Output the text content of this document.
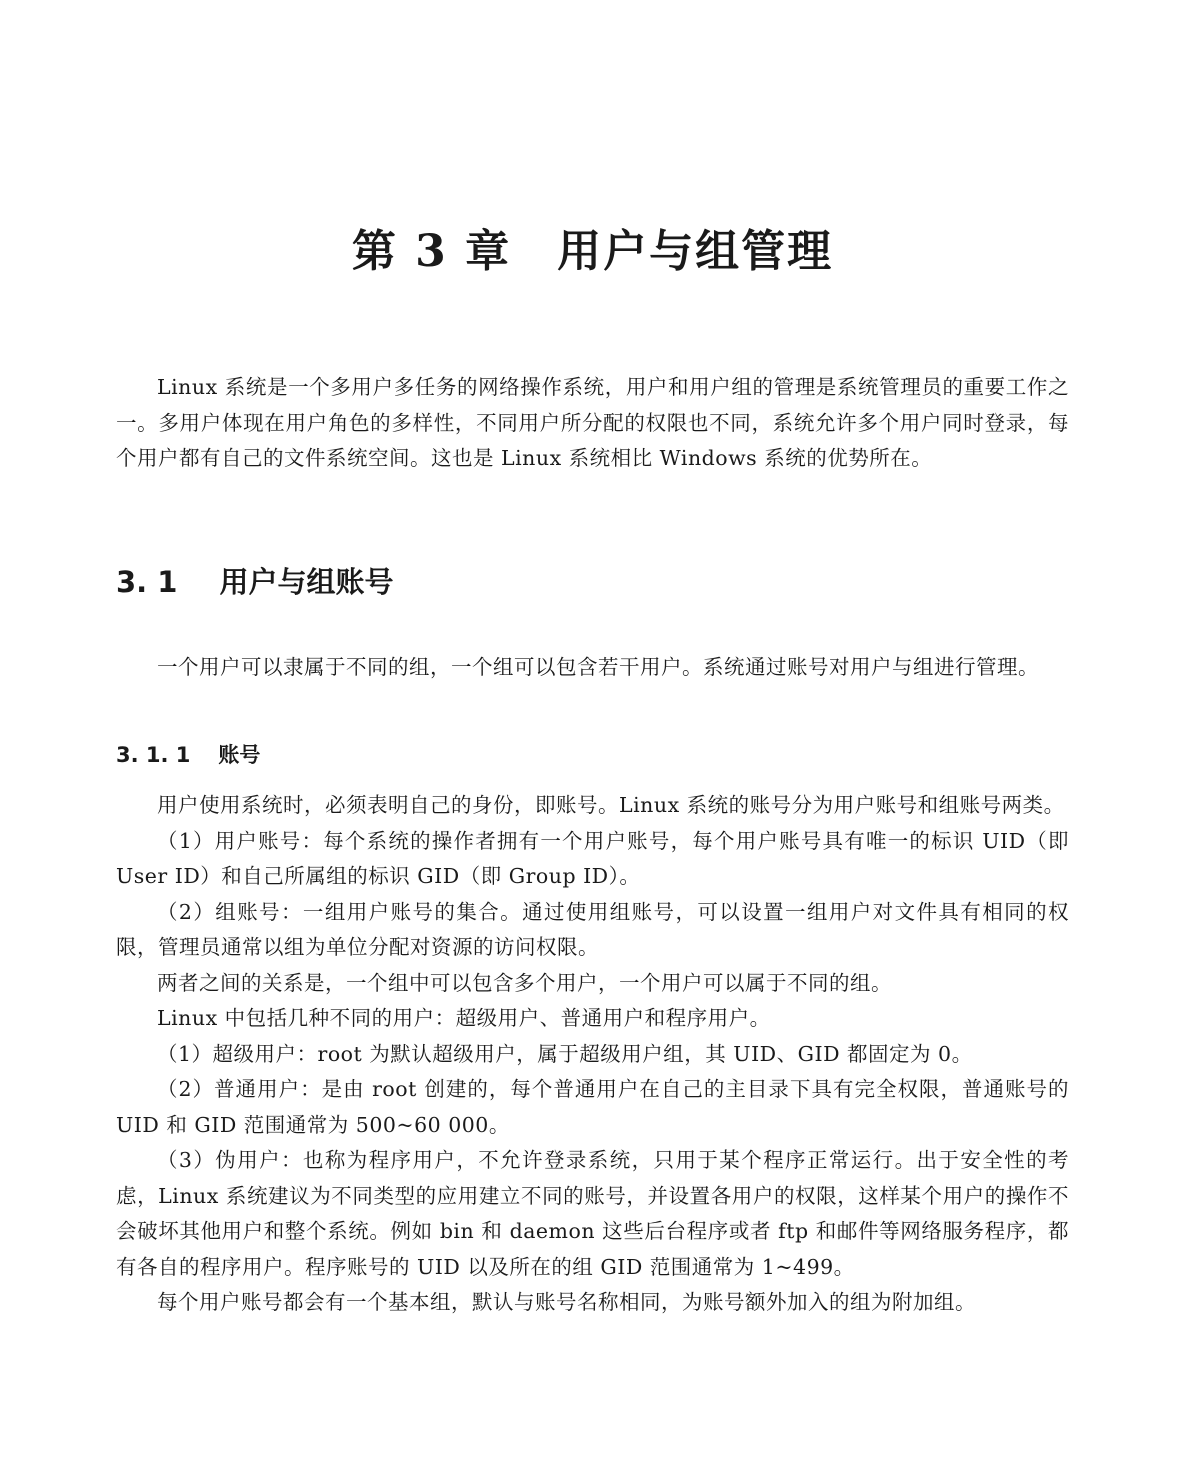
第 3 章 用户与组管理

Linux 系统是一个多用户多任务的网络操作系统，用户和用户组的管理是系统管理员的重要工作之一。多用户体现在用户角色的多样性，不同用户所分配的权限也不同，系统允许多个用户同时登录，每个用户都有自己的文件系统空间。这也是 Linux 系统相比 Windows 系统的优势所在。

3. 1 用户与组账号

一个用户可以隶属于不同的组，一个组可以包含若干用户。系统通过账号对用户与组进行管理。

3. 1. 1 账号

用户使用系统时，必须表明自己的身份，即账号。Linux 系统的账号分为用户账号和组账号两类。

（1）用户账号：每个系统的操作者拥有一个用户账号，每个用户账号具有唯一的标识 UID（即 User ID）和自己所属组的标识 GID（即 Group ID）。

（2）组账号：一组用户账号的集合。通过使用组账号，可以设置一组用户对文件具有相同的权限，管理员通常以组为单位分配对资源的访问权限。

两者之间的关系是，一个组中可以包含多个用户，一个用户可以属于不同的组。

Linux 中包括几种不同的用户：超级用户、普通用户和程序用户。

（1）超级用户：root 为默认超级用户，属于超级用户组，其 UID、GID 都固定为 0。

（2）普通用户：是由 root 创建的，每个普通用户在自己的主目录下具有完全权限，普通账号的 UID 和 GID 范围通常为 500~60 000。

（3）伪用户：也称为程序用户，不允许登录系统，只用于某个程序正常运行。出于安全性的考虑，Linux 系统建议为不同类型的应用建立不同的账号，并设置各用户的权限，这样某个用户的操作不会破坏其他用户和整个系统。例如 bin 和 daemon 这些后台程序或者 ftp 和邮件等网络服务程序，都有各自的程序用户。程序账号的 UID 以及所在的组 GID 范围通常为 1~499。

每个用户账号都会有一个基本组，默认与账号名称相同，为账号额外加入的组为附加组。
